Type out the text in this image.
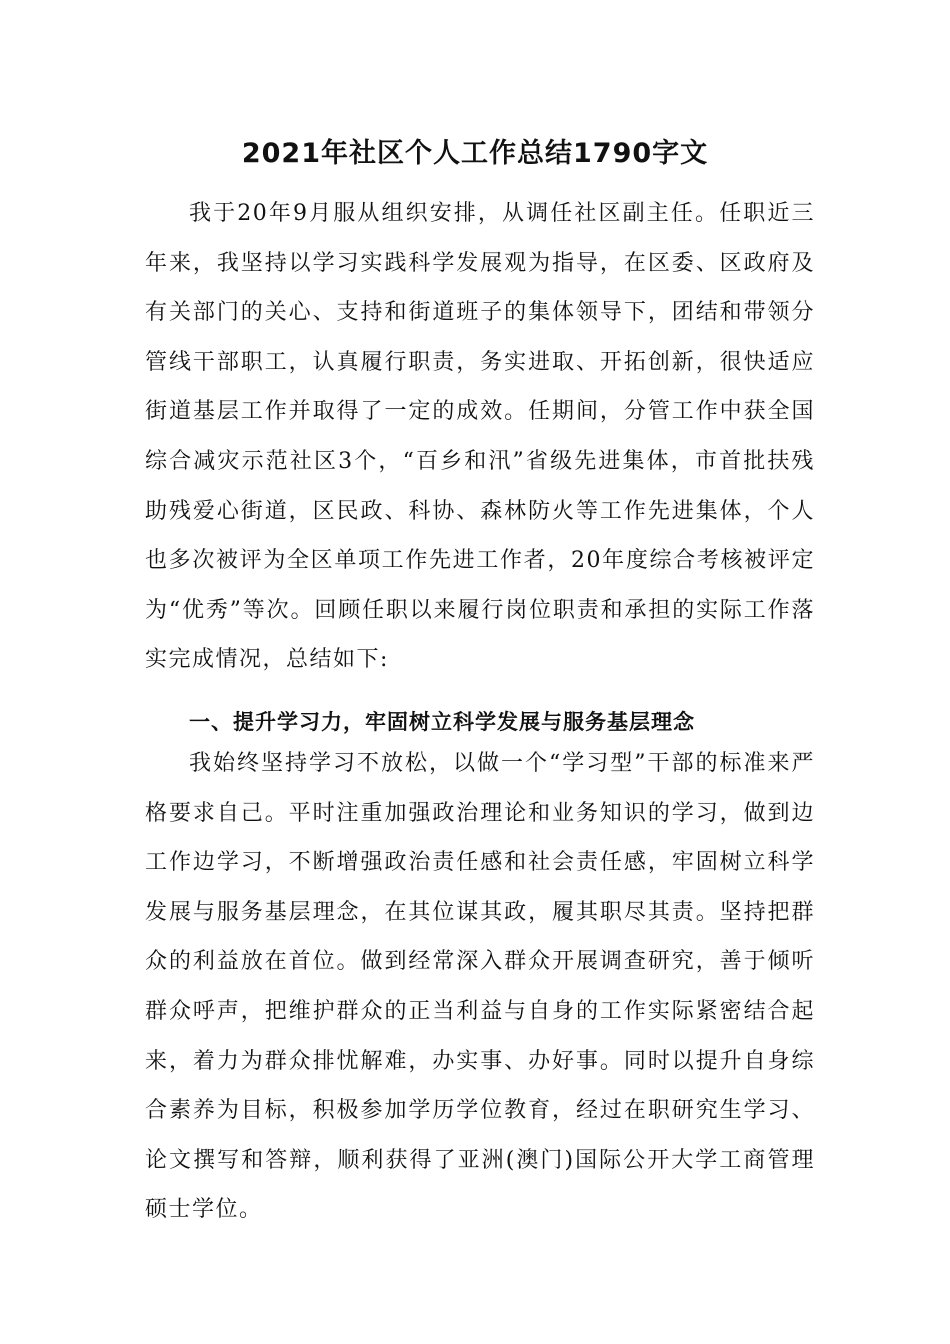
2021年社区个人工作总结1790字文

我于20年9月服从组织安排，从调任社区副主任。任职近三年来，我坚持以学习实践科学发展观为指导，在区委、区政府及有关部门的关心、支持和街道班子的集体领导下，团结和带领分管线干部职工，认真履行职责，务实进取、开拓创新，很快适应街道基层工作并取得了一定的成效。任期间，分管工作中获全国综合减灾示范社区3个，“百乡和汛”省级先进集体，市首批扶残助残爱心街道，区民政、科协、森林防火等工作先进集体，个人也多次被评为全区单项工作先进工作者，20年度综合考核被评定为“优秀”等次。回顾任职以来履行岗位职责和承担的实际工作落实完成情况，总结如下:

一、提升学习力，牢固树立科学发展与服务基层理念

我始终坚持学习不放松，以做一个“学习型”干部的标准来严格要求自己。平时注重加强政治理论和业务知识的学习，做到边工作边学习，不断增强政治责任感和社会责任感，牢固树立科学发展与服务基层理念，在其位谋其政，履其职尽其责。坚持把群众的利益放在首位。做到经常深入群众开展调查研究，善于倾听群众呼声，把维护群众的正当利益与自身的工作实际紧密结合起来，着力为群众排忧解难，办实事、办好事。同时以提升自身综合素养为目标，积极参加学历学位教育，经过在职研究生学习、论文撰写和答辩，顺利获得了亚洲(澳门)国际公开大学工商管理硕士学位。
